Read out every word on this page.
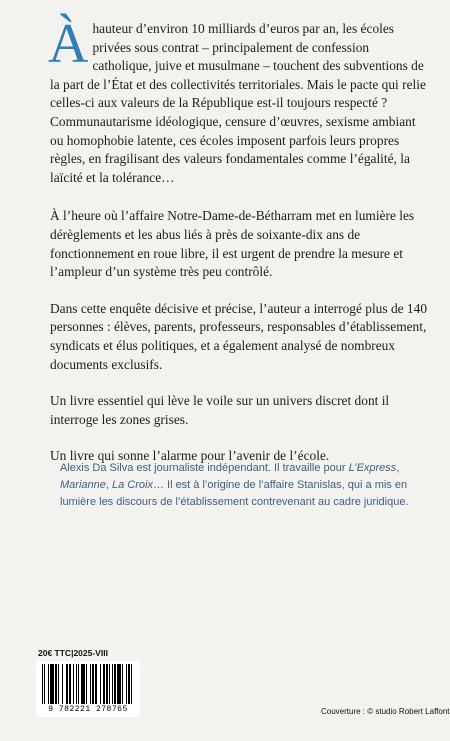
À hauteur d’environ 10 milliards d’euros par an, les écoles privées sous contrat – principalement de confession catholique, juive et musulmane – touchent des subventions de la part de l’État et des collectivités territoriales. Mais le pacte qui relie celles-ci aux valeurs de la République est-il toujours respecté ? Communautarisme idéologique, censure d’œuvres, sexisme ambiant ou homophobie latente, ces écoles imposent parfois leurs propres règles, en fragilisant des valeurs fondamentales comme l’égalité, la laïcité et la tolérance…

À l’heure où l’affaire Notre-Dame-de-Bétharram met en lumière les dérèglements et les abus liés à près de soixante-dix ans de fonctionnement en roue libre, il est urgent de prendre la mesure et l’ampleur d’un système très peu contrôlé.

Dans cette enquête décisive et précise, l’auteur a interrogé plus de 140 personnes : élèves, parents, professeurs, responsables d’établissement, syndicats et élus politiques, et a également analysé de nombreux documents exclusifs.

Un livre essentiel qui lève le voile sur un univers discret dont il interroge les zones grises.

Un livre qui sonne l’alarme pour l’avenir de l’école.

Alexis Da Silva est journaliste indépendant. Il travaille pour L’Express, Marianne, La Croix… Il est à l’origine de l’affaire Stanislas, qui a mis en lumière les discours de l’établissement contrevenant au cadre juridique.
20€ TTC|2025-VIII
9 782221 278765	Couverture : © studio Robert Laffont
